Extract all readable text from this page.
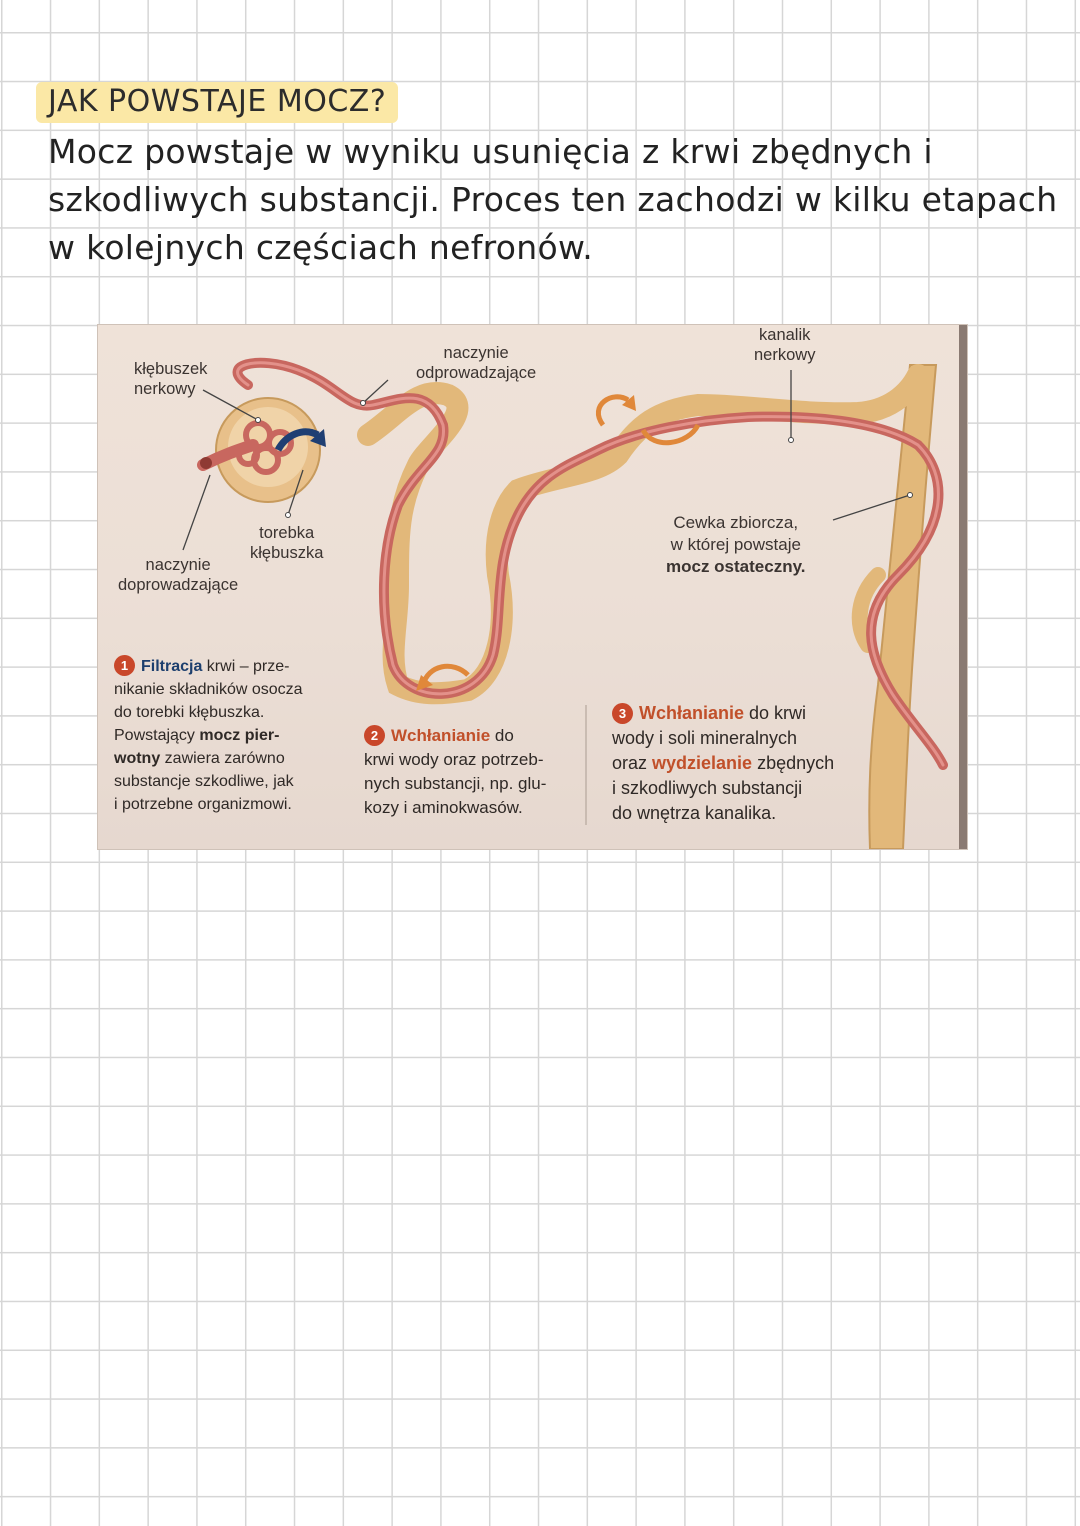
JAK POWSTAJE MOCZ?
Mocz powstaje w wyniku usunięcia z krwi zbędnych i
szkodliwych substancji. Proces ten zachodzi w kilku etapach
w kolejnych częściach nefronów.
kłębuszek
nerkowy
torebka
kłębuszka
naczynie
doprowadzające
naczynie
odprowadzające
kanalik
nerkowy
Cewka zbiorcza,
w której powstaje
mocz ostateczny.
1 Filtracja krwi – prze-
nikanie składników osocza
do torebki kłębuszka.
Powstający mocz pier-
wotny zawiera zarówno
substancje szkodliwe, jak
i potrzebne organizmowi.
2 Wchłanianie do
krwi wody oraz potrzeb-
nych substancji, np. glu-
kozy i aminokwasów.
3 Wchłanianie do krwi
wody i soli mineralnych
oraz wydzielanie zbędnych
i szkodliwych substancji
do wnętrza kanalika.
